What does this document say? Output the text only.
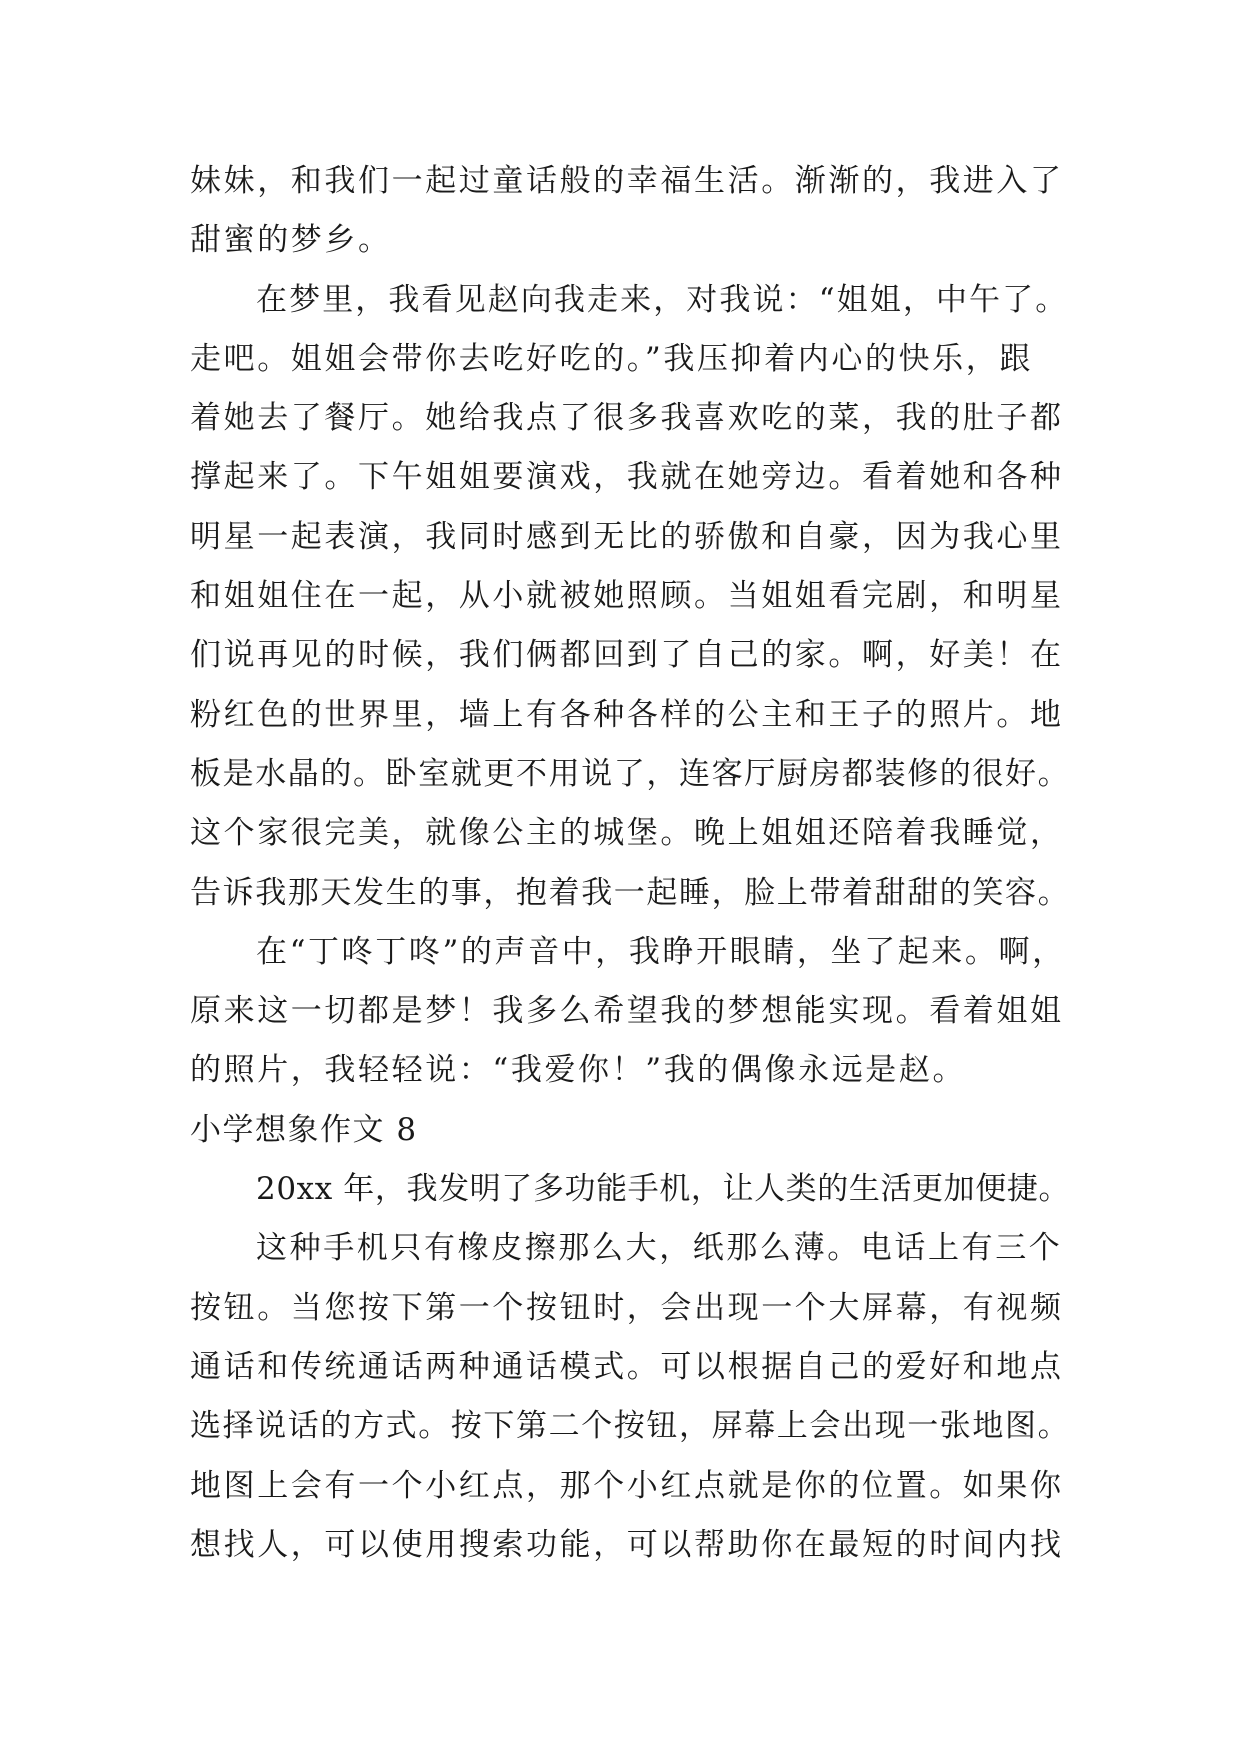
妹妹，和我们一起过童话般的幸福生活。渐渐的，我进入了
甜蜜的梦乡。
在梦里，我看见赵向我走来，对我说：“姐姐，中午了。
走吧。姐姐会带你去吃好吃的。”我压抑着内心的快乐，跟
着她去了餐厅。她给我点了很多我喜欢吃的菜，我的肚子都
撑起来了。下午姐姐要演戏，我就在她旁边。看着她和各种
明星一起表演，我同时感到无比的骄傲和自豪，因为我心里
和姐姐住在一起，从小就被她照顾。当姐姐看完剧，和明星
们说再见的时候，我们俩都回到了自己的家。啊，好美！在
粉红色的世界里，墙上有各种各样的公主和王子的照片。地
板是水晶的。卧室就更不用说了，连客厅厨房都装修的很好。
这个家很完美，就像公主的城堡。晚上姐姐还陪着我睡觉，
告诉我那天发生的事，抱着我一起睡，脸上带着甜甜的笑容。
在“丁咚丁咚”的声音中，我睁开眼睛，坐了起来。啊，
原来这一切都是梦！我多么希望我的梦想能实现。看着姐姐
的照片，我轻轻说：“我爱你！”我的偶像永远是赵。
小学想象作文 8
20xx 年，我发明了多功能手机，让人类的生活更加便捷。
这种手机只有橡皮擦那么大，纸那么薄。电话上有三个
按钮。当您按下第一个按钮时，会出现一个大屏幕，有视频
通话和传统通话两种通话模式。可以根据自己的爱好和地点
选择说话的方式。按下第二个按钮，屏幕上会出现一张地图。
地图上会有一个小红点，那个小红点就是你的位置。如果你
想找人，可以使用搜索功能，可以帮助你在最短的时间内找
